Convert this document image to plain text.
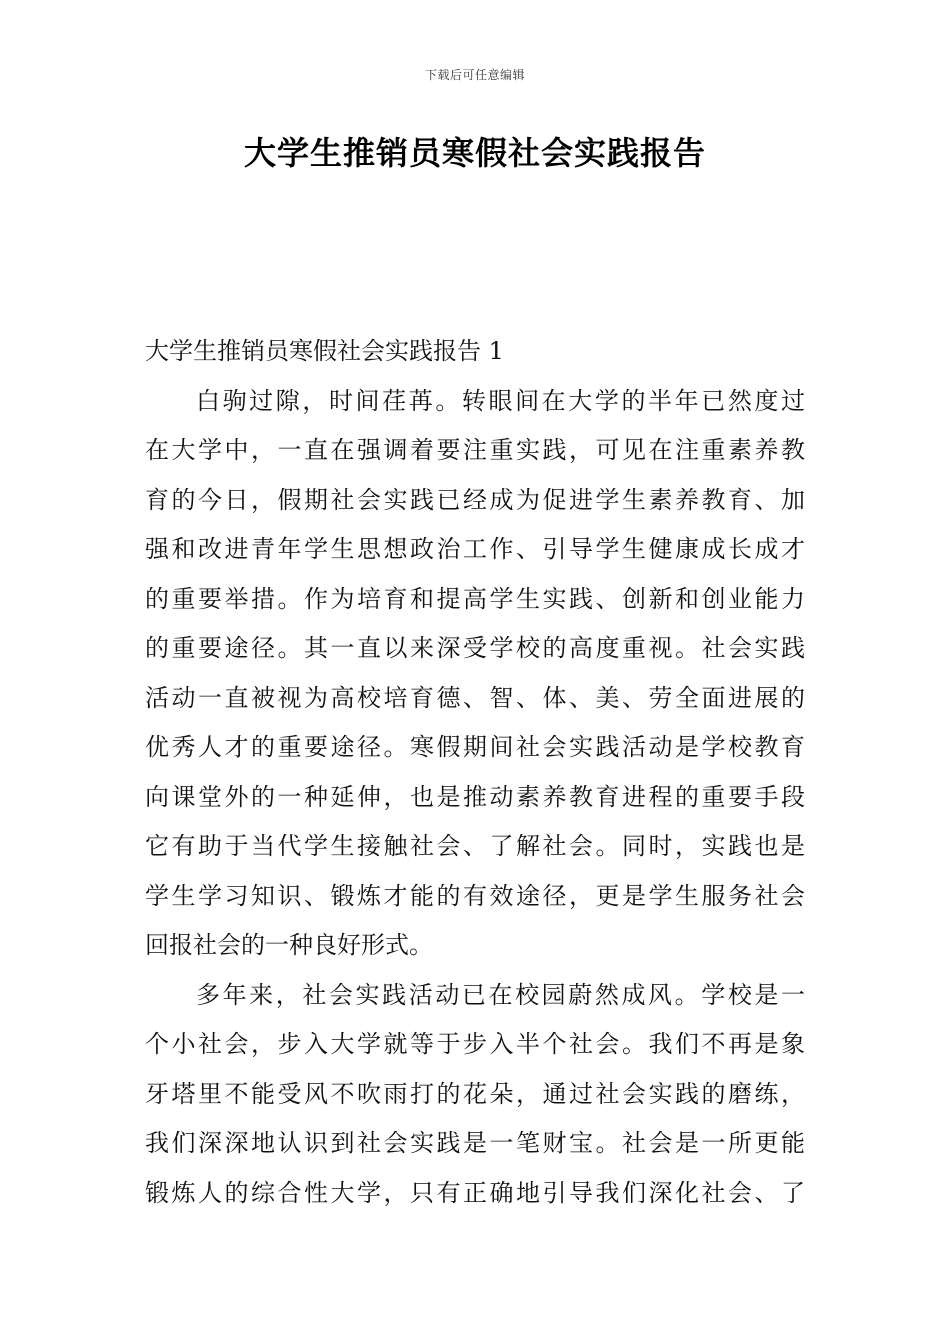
下载后可任意编辑
大学生推销员寒假社会实践报告

大学生推销员寒假社会实践报告 1

白驹过隙，时间荏苒。转眼间在大学的半年已然度过
在大学中，一直在强调着要注重实践，可见在注重素养教
育的今日，假期社会实践已经成为促进学生素养教育、加
强和改进青年学生思想政治工作、引导学生健康成长成才
的重要举措。作为培育和提高学生实践、创新和创业能力
的重要途径。其一直以来深受学校的高度重视。社会实践
活动一直被视为高校培育德、智、体、美、劳全面进展的
优秀人才的重要途径。寒假期间社会实践活动是学校教育
向课堂外的一种延伸，也是推动素养教育进程的重要手段
它有助于当代学生接触社会、了解社会。同时，实践也是
学生学习知识、锻炼才能的有效途径，更是学生服务社会
回报社会的一种良好形式。
多年来，社会实践活动已在校园蔚然成风。学校是一
个小社会，步入大学就等于步入半个社会。我们不再是象
牙塔里不能受风不吹雨打的花朵，通过社会实践的磨练，
我们深深地认识到社会实践是一笔财宝。社会是一所更能
锻炼人的综合性大学，只有正确地引导我们深化社会、了
